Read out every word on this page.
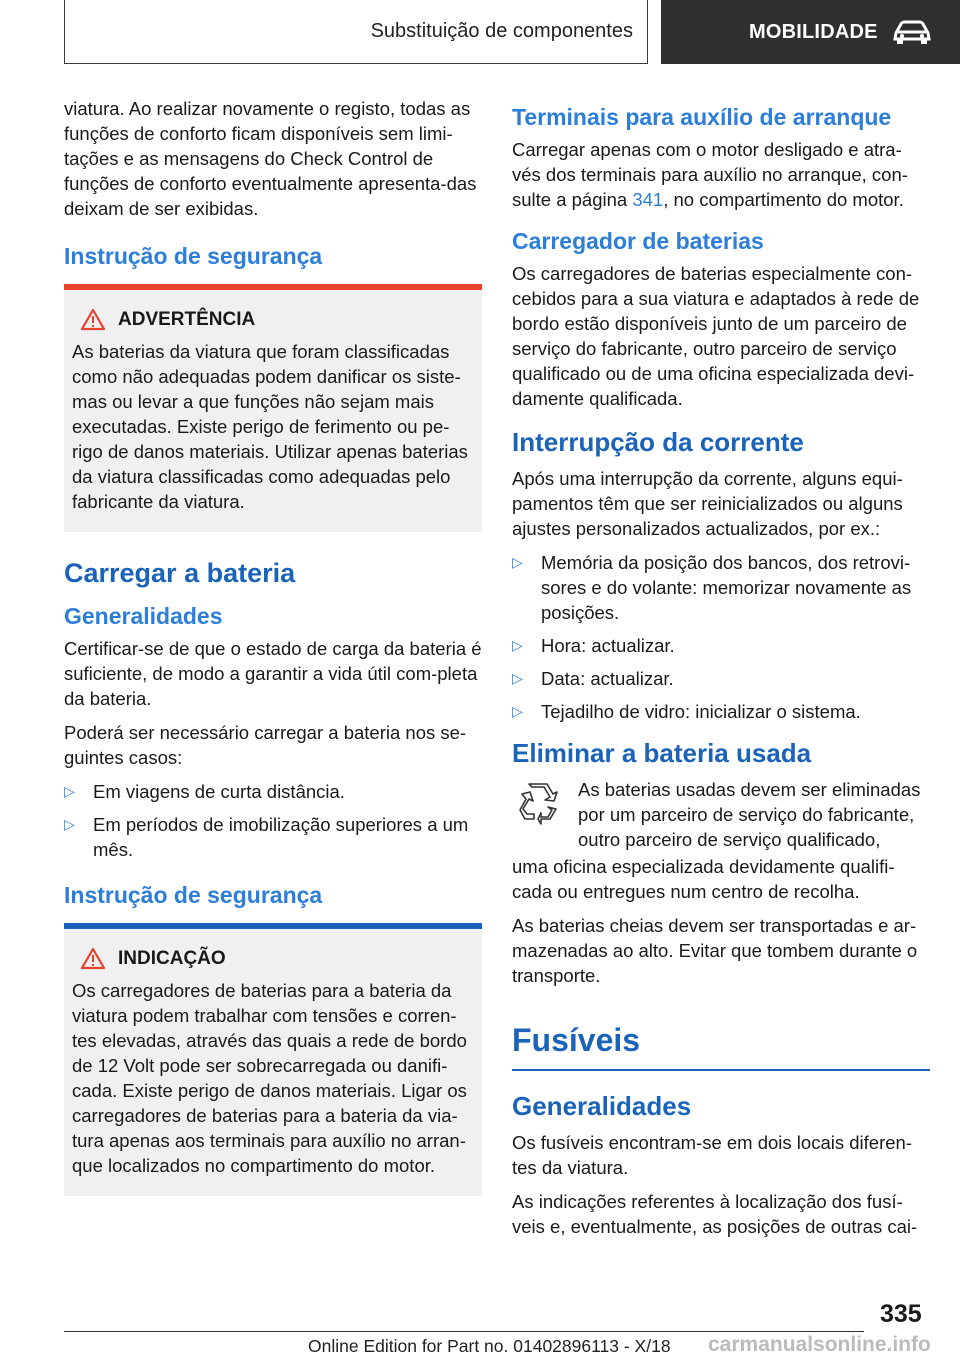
Substituição de componentes	MOBILIDADE

viatura. Ao realizar novamente o registo, todas as funções de conforto ficam disponíveis sem limi-tações e as mensagens do Check Control de funções de conforto eventualmente apresenta-das deixam de ser exibidas.

Instrução de segurança
ADVERTÊNCIA

As baterias da viatura que foram classificadas como não adequadas podem danificar os siste-mas ou levar a que funções não sejam mais executadas. Existe perigo de ferimento ou pe-rigo de danos materiais. Utilizar apenas baterias da viatura classificadas como adequadas pelo fabricante da viatura.

Carregar a bateria
Generalidades

Certificar-se de que o estado de carga da bateria é suficiente, de modo a garantir a vida útil com-pleta da bateria.

Poderá ser necessário carregar a bateria nos se-guintes casos:

▷ Em viagens de curta distância.
▷ Em períodos de imobilização superiores a um mês.
Instrução de segurança
INDICAÇÃO

Os carregadores de baterias para a bateria da viatura podem trabalhar com tensões e corren-tes elevadas, através das quais a rede de bordo de 12 Volt pode ser sobrecarregada ou danifi-cada. Existe perigo de danos materiais. Ligar os carregadores de baterias para a bateria da via-tura apenas aos terminais para auxílio no arran-que localizados no compartimento do motor.

Terminais para auxílio de arranque

Carregar apenas com o motor desligado e atra-vés dos terminais para auxílio no arranque, con-sulte a página 341, no compartimento do motor.

Carregador de baterias

Os carregadores de baterias especialmente con-cebidos para a sua viatura e adaptados à rede de bordo estão disponíveis junto de um parceiro de serviço do fabricante, outro parceiro de serviço qualificado ou de uma oficina especializada devi-damente qualificada.

Interrupção da corrente

Após uma interrupção da corrente, alguns equi-pamentos têm que ser reinicializados ou alguns ajustes personalizados actualizados, por ex.:

▷ Memória da posição dos bancos, dos retrovi-sores e do volante: memorizar novamente as posições.
▷ Hora: actualizar.
▷ Data: actualizar.
▷ Tejadilho de vidro: inicializar o sistema.
Eliminar a bateria usada

As baterias usadas devem ser eliminadas por um parceiro de serviço do fabricante, outro parceiro de serviço qualificado,

uma oficina especializada devidamente qualifi-cada ou entregues num centro de recolha.

As baterias cheias devem ser transportadas e ar-mazenadas ao alto. Evitar que tombem durante o transporte.

Fusíveis
Generalidades

Os fusíveis encontram-se em dois locais diferen-tes da viatura.

As indicações referentes à localização dos fusí-veis e, eventualmente, as posições de outras cai-

335
Online Edition for Part no. 01402896113 - X/18 carmanualsonline.info
